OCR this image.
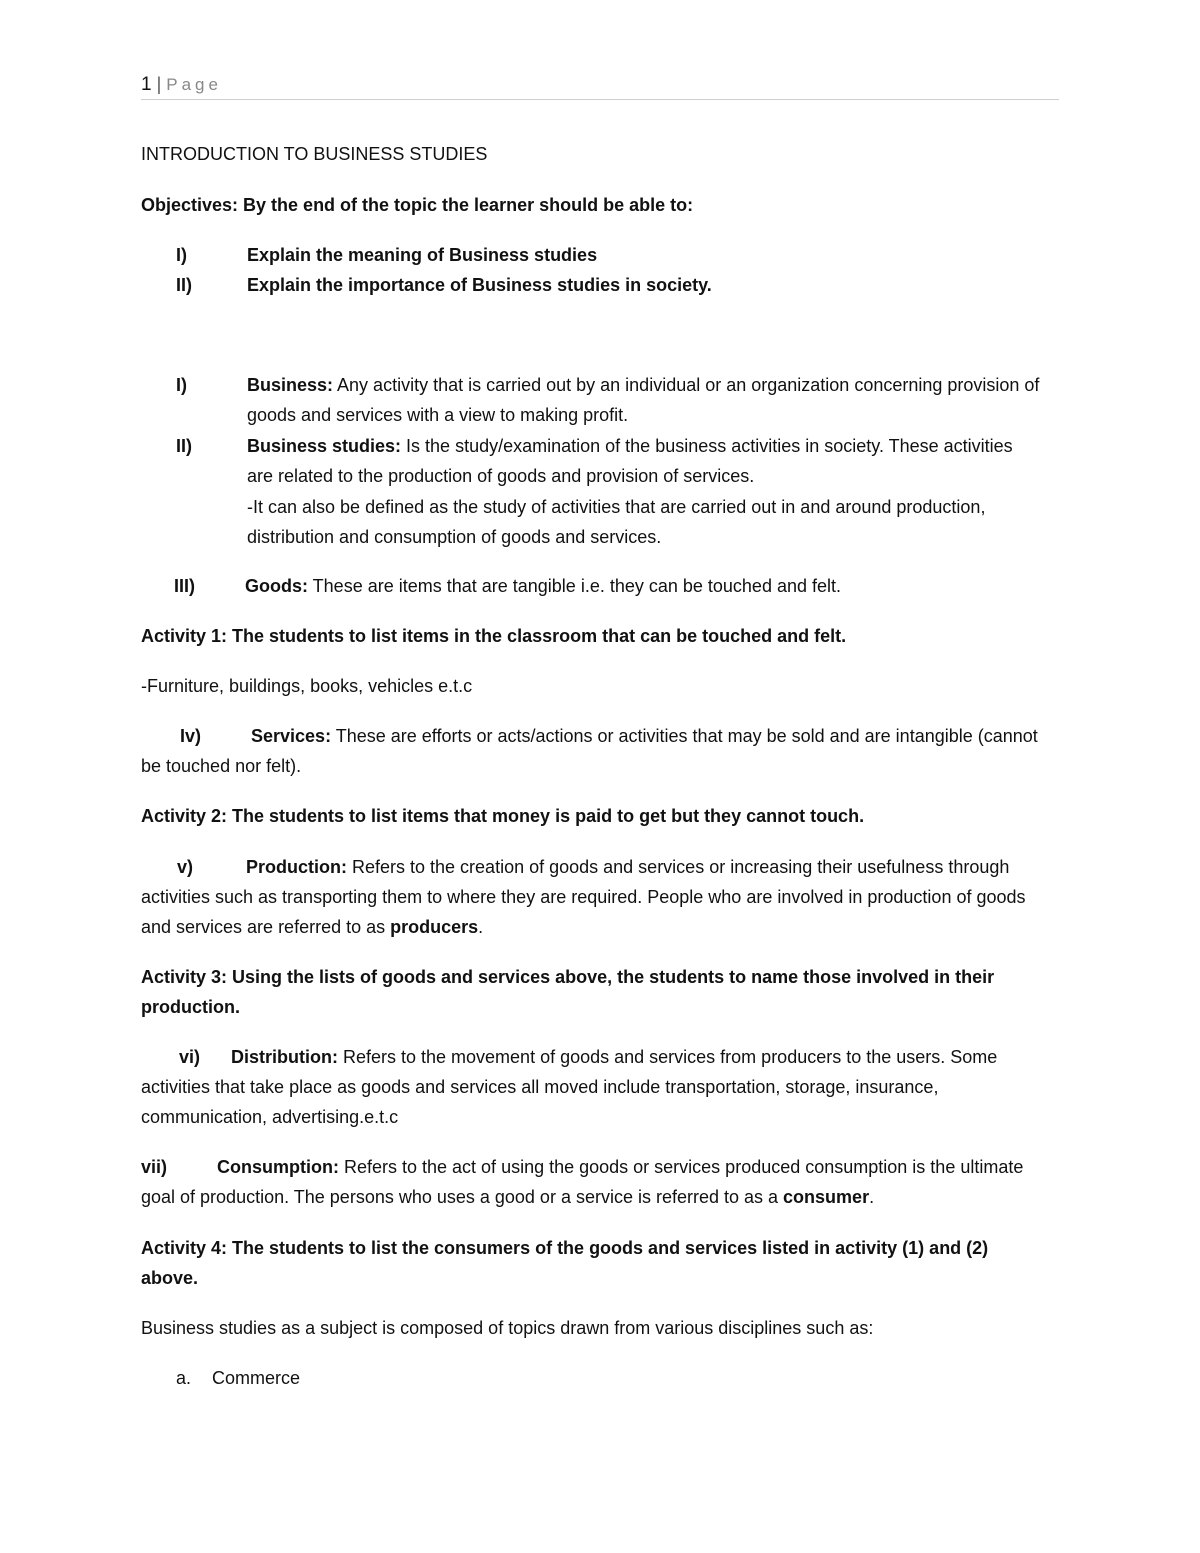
1 | Page
INTRODUCTION TO BUSINESS STUDIES
Objectives: By the end of the topic the learner should be able to:
I)	Explain the meaning of Business studies
II)	Explain the importance of Business studies in society.
I)	Business: Any activity that is carried out by an individual or an organization concerning provision of goods and services with a view to making profit.
II)	Business studies: Is the study/examination of the business activities in society. These activities are related to the production of goods and provision of services.
-It can also be defined as the study of activities that are carried out in and around production, distribution and consumption of goods and services.
III)	Goods: These are items that are tangible i.e. they can be touched and felt.
Activity 1: The students to list items in the classroom that can be touched and felt.
-Furniture, buildings, books, vehicles e.t.c
Iv)	Services: These are efforts or acts/actions or activities that may be sold and are intangible (cannot be touched nor felt).
Activity 2: The students to list items that money is paid to get but they cannot touch.
v)	Production: Refers to the creation of goods and services or increasing their usefulness through activities such as transporting them to where they are required. People who are involved in production of goods and services are referred to as producers.
Activity 3: Using the lists of goods and services above, the students to name those involved in their production.
vi) Distribution: Refers to the movement of goods and services from producers to the users. Some activities that take place as goods and services all moved include transportation, storage, insurance, communication, advertising.e.t.c
vii)	Consumption: Refers to the act of using the goods or services produced consumption is the ultimate goal of production. The persons who uses a good or a service is referred to as a consumer.
Activity 4: The students to list the consumers of the goods and services listed in activity (1) and (2) above.
Business studies as a subject is composed of topics drawn from various disciplines such as:
a. Commerce
